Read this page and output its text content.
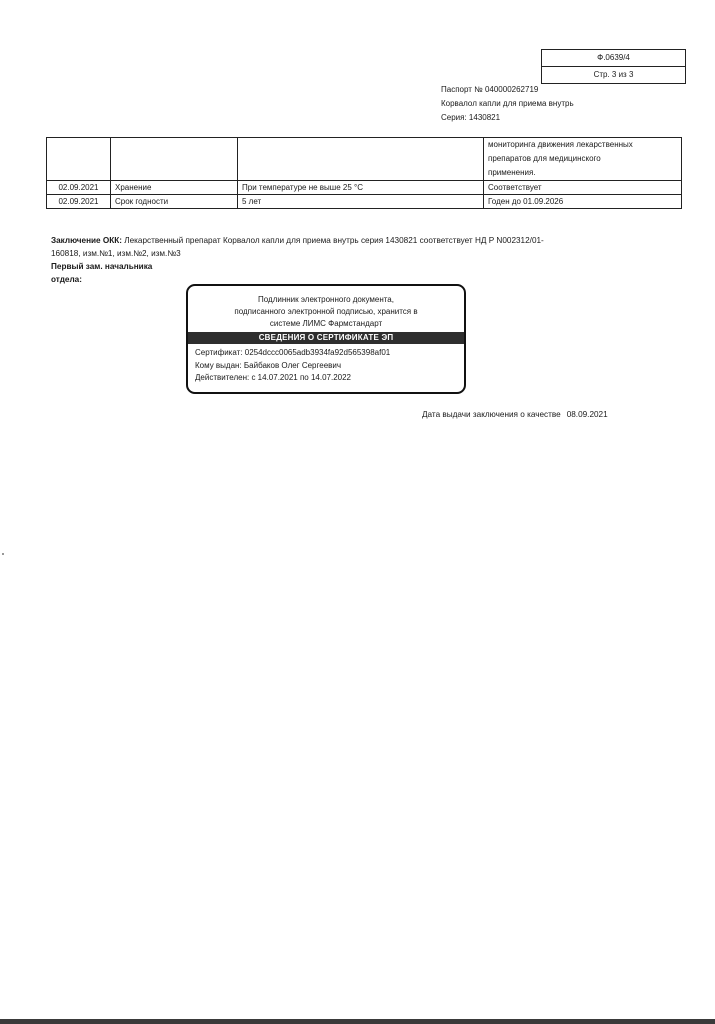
Ф.0639/4
Стр. 3 из 3
Паспорт № 040000262719
Корвалол капли для приема внутрь
Серия: 1430821

			мониторинга движения лекарственных
препаратов для медицинского
применения.

02.09.2021	Хранение	При температуре не выше 25 °С	Соответствует
02.09.2021	Срок годности	5 лет	Годен до 01.09.2026
Заключение ОКК: Лекарственный препарат Корвалол капли для приема внутрь серия 1430821 соответствует НД Р N002312/01-160818, изм.№1, изм.№2, изм.№3
Первый зам. начальника
отдела:
Подлинник электронного документа,
подписанного электронной подписью, хранится в
системе ЛИМС Фармстандарт
СВЕДЕНИЯ О СЕРТИФИКАТЕ ЭП
Сертификат: 0254dccc0065adb3934fa92d565398af01
Кому выдан: Байбаков Олег Сергеевич
Действителен: с 14.07.2021 по 14.07.2022
Дата выдачи заключения о качестве 08.09.2021
